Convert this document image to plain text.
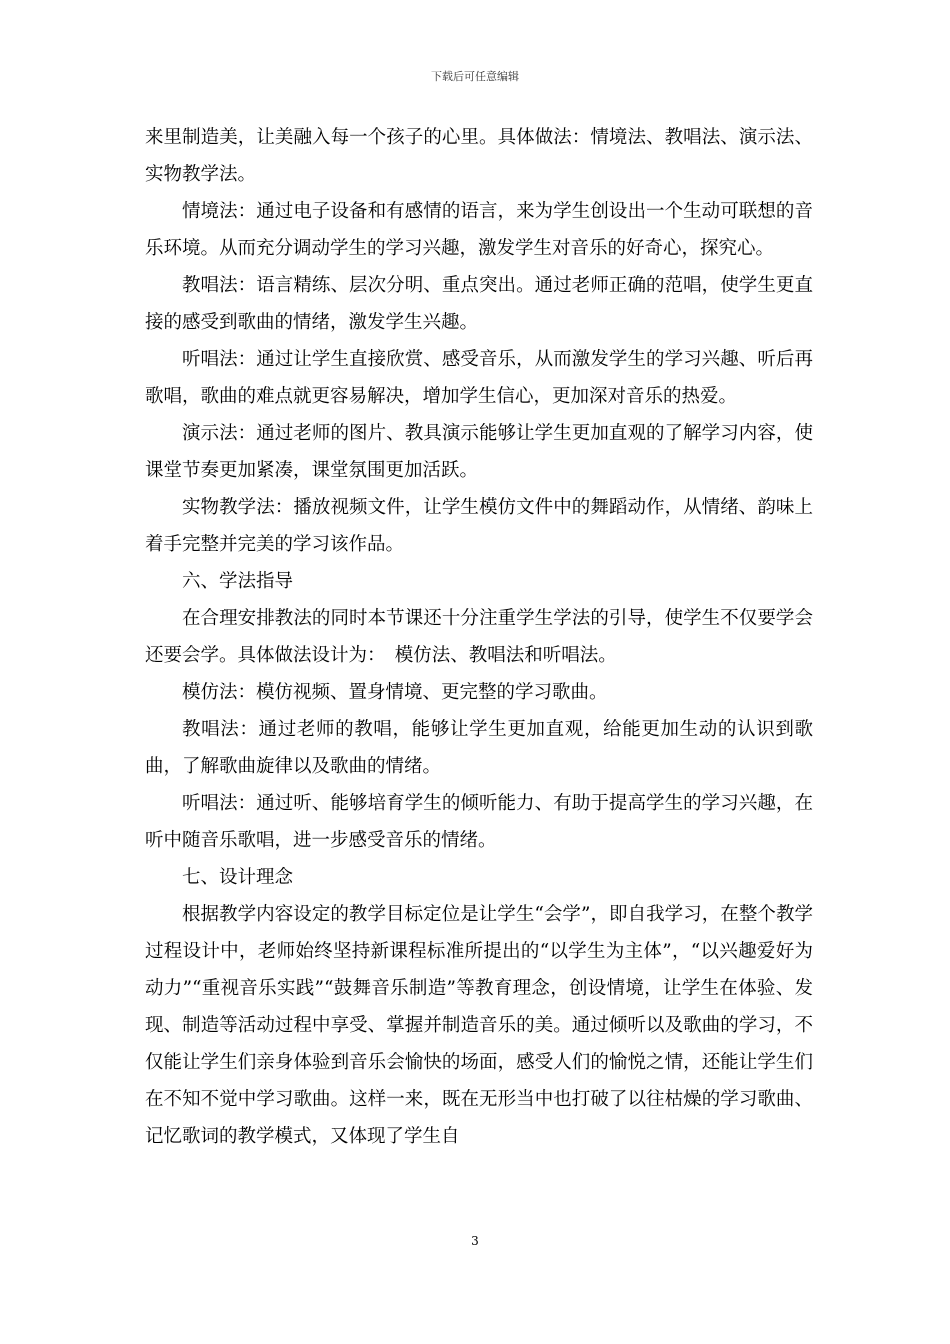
下载后可任意编辑

来里制造美，让美融入每一个孩子的心里。具体做法：情境法、教唱法、演示法、实物教学法。

情境法：通过电子设备和有感情的语言，来为学生创设出一个生动可联想的音乐环境。从而充分调动学生的学习兴趣，激发学生对音乐的好奇心，探究心。

教唱法：语言精练、层次分明、重点突出。通过老师正确的范唱，使学生更直接的感受到歌曲的情绪，激发学生兴趣。

听唱法：通过让学生直接欣赏、感受音乐，从而激发学生的学习兴趣、听后再歌唱，歌曲的难点就更容易解决，增加学生信心，更加深对音乐的热爱。

演示法：通过老师的图片、教具演示能够让学生更加直观的了解学习内容，使课堂节奏更加紧凑，课堂氛围更加活跃。

实物教学法：播放视频文件，让学生模仿文件中的舞蹈动作，从情绪、韵味上着手完整并完美的学习该作品。

六、学法指导

在合理安排教法的同时本节课还十分注重学生学法的引导，使学生不仅要学会还要会学。具体做法设计为：　模仿法、教唱法和听唱法。

模仿法：模仿视频、置身情境、更完整的学习歌曲。

教唱法：通过老师的教唱，能够让学生更加直观，给能更加生动的认识到歌曲，了解歌曲旋律以及歌曲的情绪。

听唱法：通过听、能够培育学生的倾听能力、有助于提高学生的学习兴趣，在听中随音乐歌唱，进一步感受音乐的情绪。

七、设计理念

根据教学内容设定的教学目标定位是让学生“会学”，即自我学习，在整个教学过程设计中，老师始终坚持新课程标准所提出的“以学生为主体”，“以兴趣爱好为动力”“重视音乐实践”“鼓舞音乐制造”等教育理念，创设情境，让学生在体验、发现、制造等活动过程中享受、掌握并制造音乐的美。通过倾听以及歌曲的学习，不仅能让学生们亲身体验到音乐会愉快的场面，感受人们的愉悦之情，还能让学生们在不知不觉中学习歌曲。这样一来，既在无形当中也打破了以往枯燥的学习歌曲、记忆歌词的教学模式，又体现了学生自

3
